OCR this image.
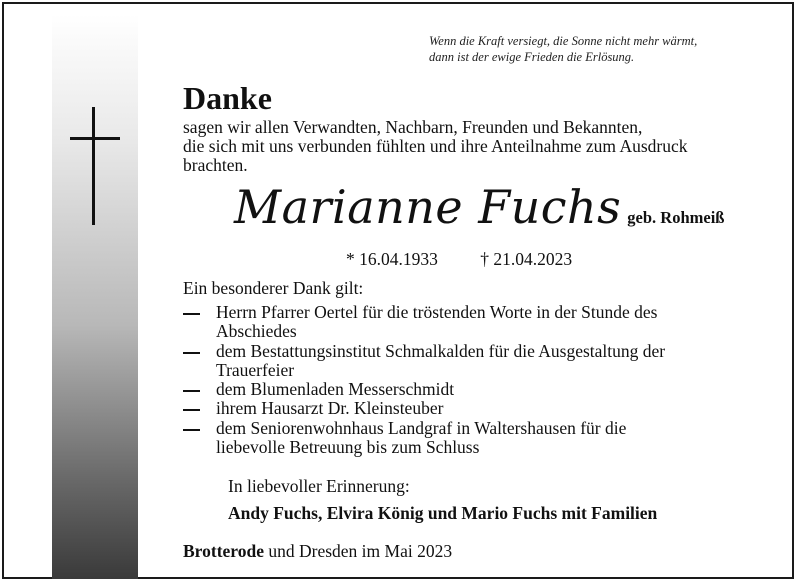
Wenn die Kraft versiegt, die Sonne nicht mehr wärmt,
dann ist der ewige Frieden die Erlösung.
Danke
sagen wir allen Verwandten, Nachbarn, Freunden und Bekannten,
die sich mit uns verbunden fühlten und ihre Anteilnahme zum Ausdruck
brachten.
Marianne Fuchs geb. Rohmeiß
* 16.04.1933 † 21.04.2023
Ein besonderer Dank gilt:
Herrn Pfarrer Oertel für die tröstenden Worte in der Stunde des
Abschiedes
dem Bestattungsinstitut Schmalkalden für die Ausgestaltung der
Trauerfeier
dem Blumenladen Messerschmidt
ihrem Hausarzt Dr. Kleinsteuber
dem Seniorenwohnhaus Landgraf in Waltershausen für die
liebevolle Betreuung bis zum Schluss
In liebevoller Erinnerung:
Andy Fuchs, Elvira König und Mario Fuchs mit Familien
Brotterode und Dresden im Mai 2023
